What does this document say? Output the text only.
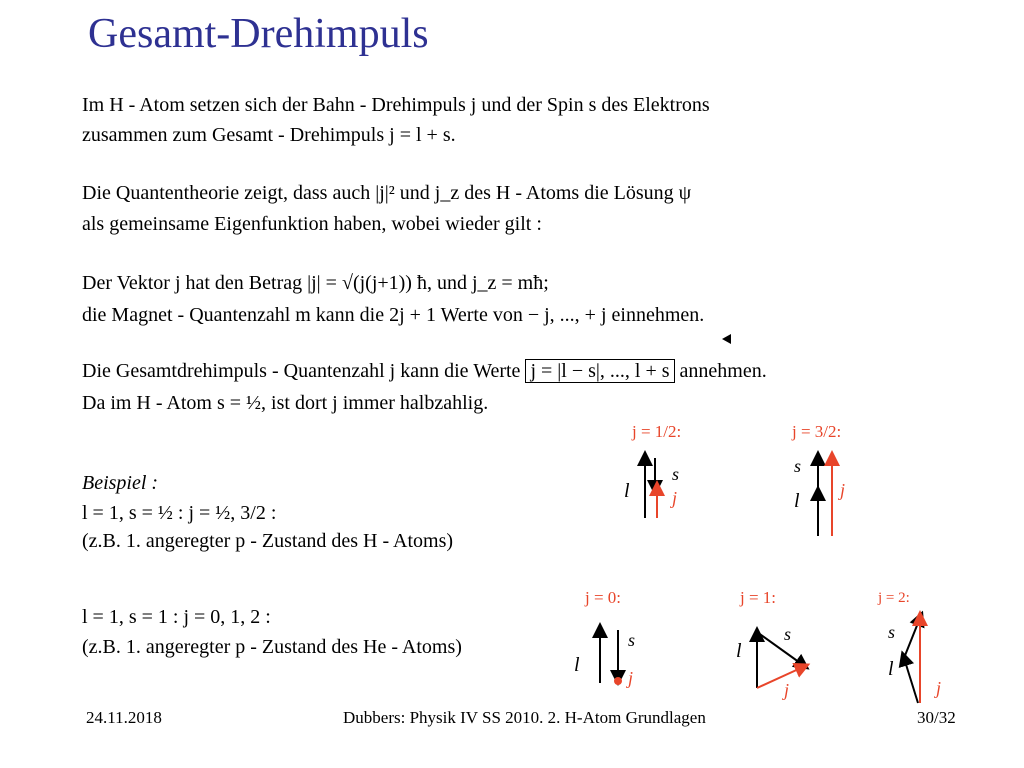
Gesamt-Drehimpuls
Im H - Atom setzen sich der Bahn - Drehimpuls j und der Spin s des Elektrons
zusammen zum Gesamt - Drehimpuls j = l + s.
Die Quantentheorie zeigt, dass auch |j|² und j_z des H - Atoms die Lösung ψ
als gemeinsame Eigenfunktion haben, wobei wieder gilt :
Der Vektor j hat den Betrag |j| = √(j(j+1)) ħ, und j_z = mħ;
die Magnet - Quantenzahl m kann die 2j + 1 Werte von − j, ..., + j einnehmen.
Die Gesamtdrehimpuls - Quantenzahl j kann die Werte j = |l − s|, ..., l + s annehmen.
Da im H - Atom s = ½, ist dort j immer halbzahlig.
Beispiel :
l = 1, s = ½ : j = ½, 3/2 :
(z.B. 1. angeregter p - Zustand des H - Atoms)
l = 1, s = 1 : j = 0, 1, 2 :
(z.B. 1. angeregter p - Zustand des He - Atoms)
j = 1/2:
l
s
j
j = 3/2:
s
l j
j = 0:
l
s
j
j = 1:
l
s
j
j = 2:
s
l
j
24.11.2018	Dubbers: Physik IV SS 2010. 2. H-Atom Grundlagen	30/32
